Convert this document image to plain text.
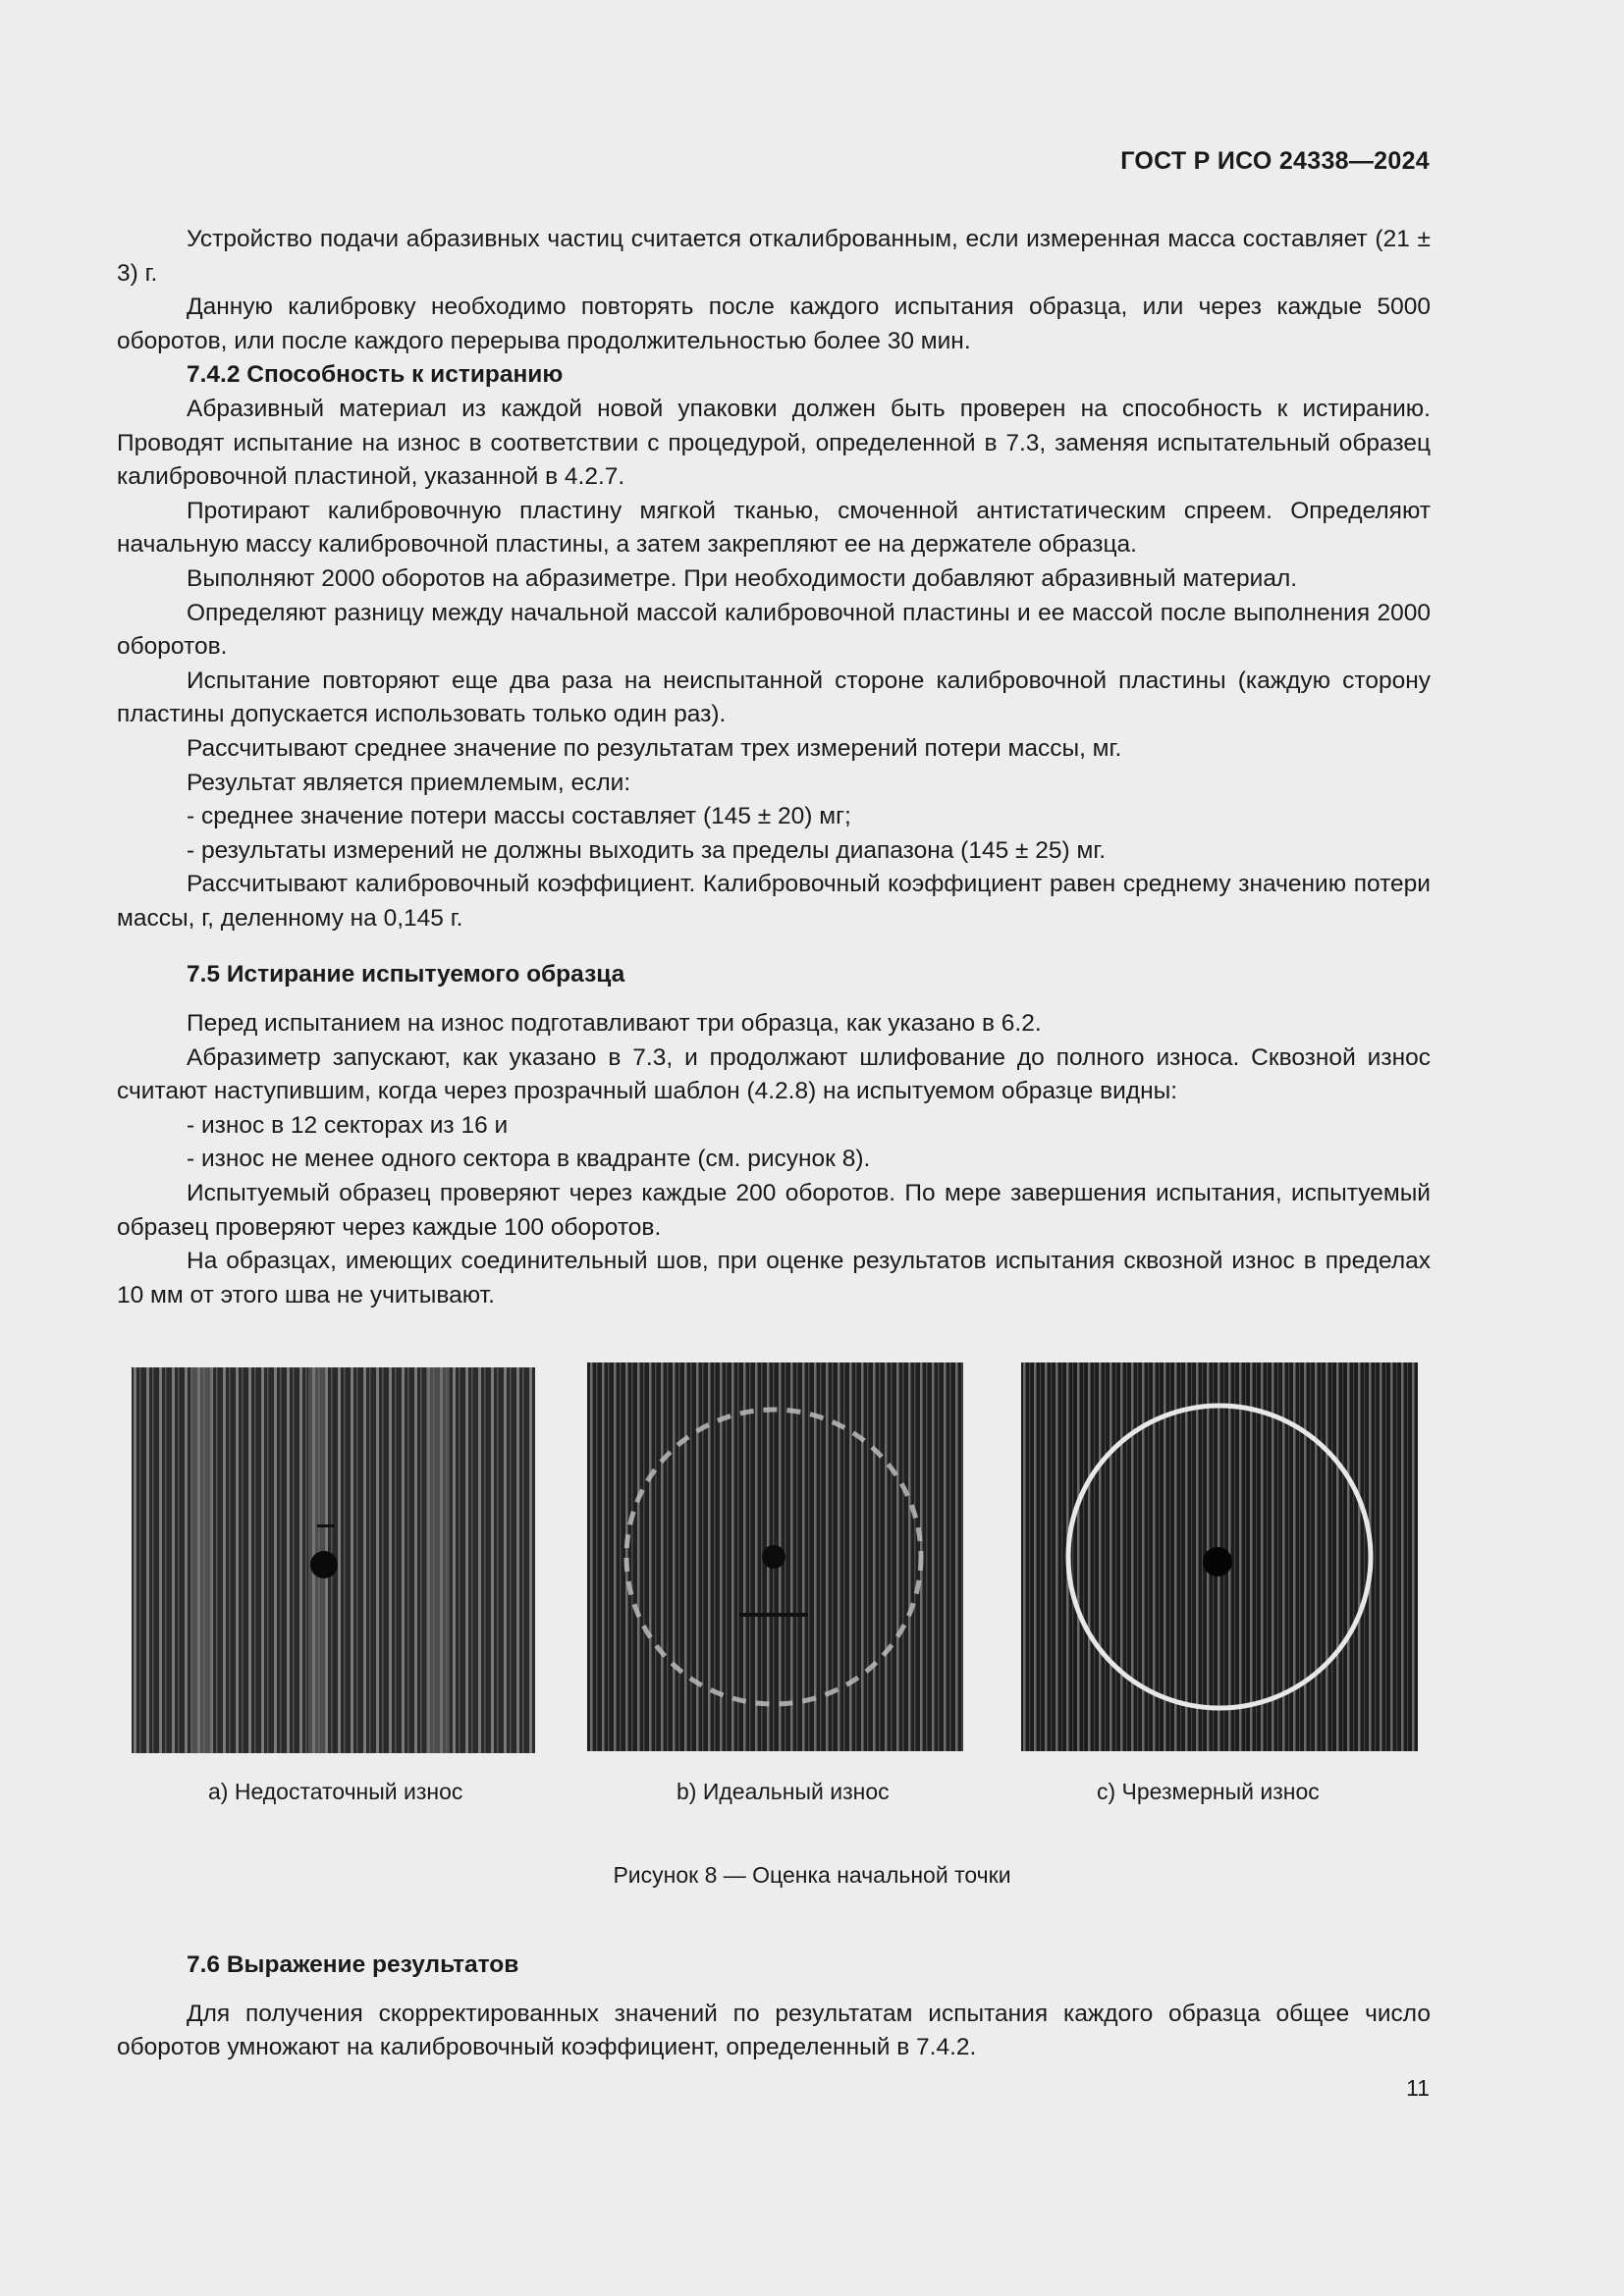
ГОСТ Р ИСО 24338—2024

Устройство подачи абразивных частиц считается откалиброванным, если измеренная масса составляет (21 ± 3) г.

Данную калибровку необходимо повторять после каждого испытания образца, или через каждые 5000 оборотов, или после каждого перерыва продолжительностью более 30 мин.

7.4.2 Способность к истиранию

Абразивный материал из каждой новой упаковки должен быть проверен на способность к истиранию. Проводят испытание на износ в соответствии с процедурой, определенной в 7.3, заменяя испытательный образец калибровочной пластиной, указанной в 4.2.7.

Протирают калибровочную пластину мягкой тканью, смоченной антистатическим спреем. Определяют начальную массу калибровочной пластины, а затем закрепляют ее на держателе образца.

Выполняют 2000 оборотов на абразиметре. При необходимости добавляют абразивный материал.

Определяют разницу между начальной массой калибровочной пластины и ее массой после выполнения 2000 оборотов.

Испытание повторяют еще два раза на неиспытанной стороне калибровочной пластины (каждую сторону пластины допускается использовать только один раз).

Рассчитывают среднее значение по результатам трех измерений потери массы, мг.

Результат является приемлемым, если:

- среднее значение потери массы составляет (145 ± 20) мг;

- результаты измерений не должны выходить за пределы диапазона (145 ± 25) мг.

Рассчитывают калибровочный коэффициент. Калибровочный коэффициент равен среднему значению потери массы, г, деленному на 0,145 г.

7.5 Истирание испытуемого образца

Перед испытанием на износ подготавливают три образца, как указано в 6.2.

Абразиметр запускают, как указано в 7.3, и продолжают шлифование до полного износа. Сквозной износ считают наступившим, когда через прозрачный шаблон (4.2.8) на испытуемом образце видны:

- износ в 12 секторах из 16 и

- износ не менее одного сектора в квадранте (см. рисунок 8).

Испытуемый образец проверяют через каждые 200 оборотов. По мере завершения испытания, испытуемый образец проверяют через каждые 100 оборотов.

На образцах, имеющих соединительный шов, при оценке результатов испытания сквозной износ в пределах 10 мм от этого шва не учитывают.

a) Недостаточный износ	b) Идеальный износ	c) Чрезмерный износ
Рисунок 8 — Оценка начальной точки

7.6 Выражение результатов

Для получения скорректированных значений по результатам испытания каждого образца общее число оборотов умножают на калибровочный коэффициент, определенный в 7.4.2.

11
